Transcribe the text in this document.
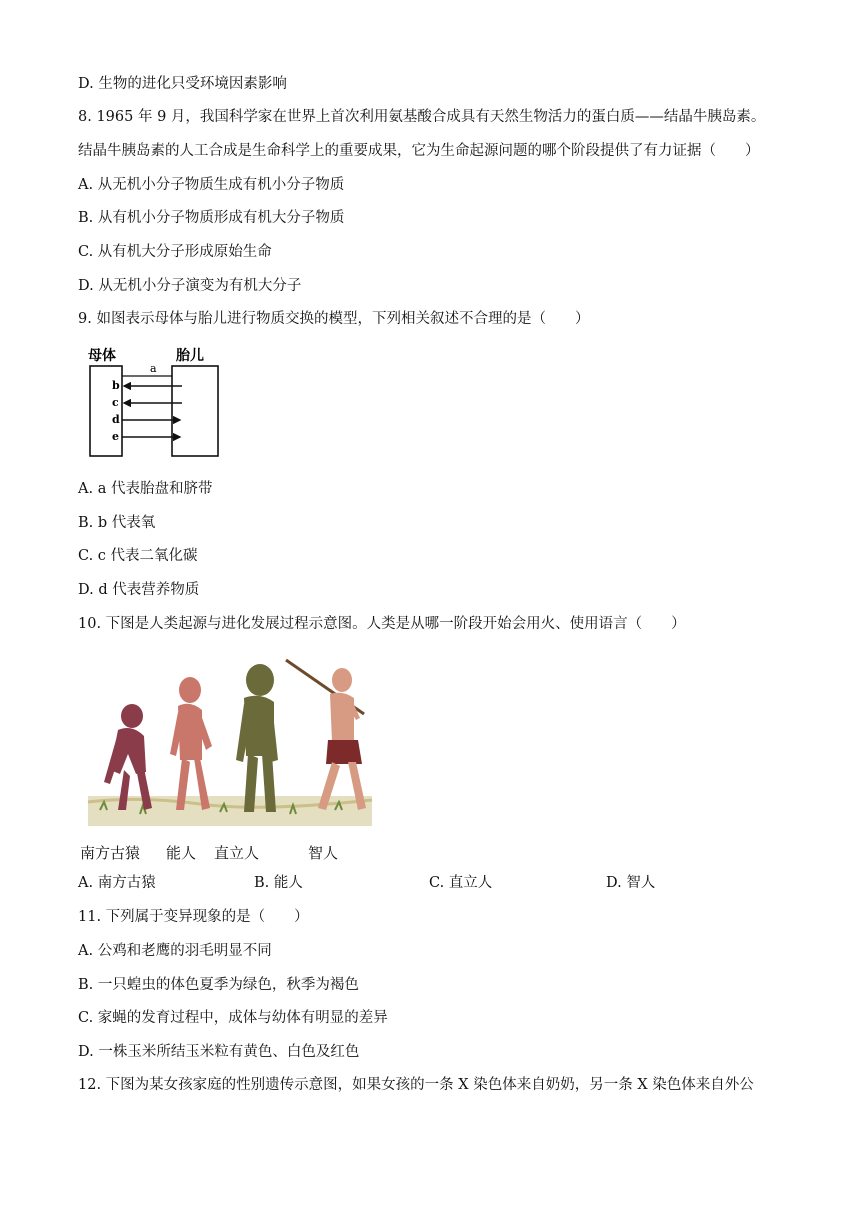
D. 生物的进化只受环境因素影响
8. 1965 年 9 月，我国科学家在世界上首次利用氨基酸合成具有天然生物活力的蛋白质——结晶牛胰岛素。
结晶牛胰岛素的人工合成是生命科学上的重要成果，它为生命起源问题的哪个阶段提供了有力证据（　　）
A. 从无机小分子物质生成有机小分子物质
B. 从有机小分子物质形成有机大分子物质
C. 从有机大分子形成原始生命
D. 从无机小分子演变为有机大分子
9. 如图表示母体与胎儿进行物质交换的模型，下列相关叙述不合理的是（　　）
母体	胎儿
a
b
c
d
e
A. a 代表胎盘和脐带
B. b 代表氧
C. c 代表二氧化碳
D. d 代表营养物质
10. 下图是人类起源与进化发展过程示意图。人类是从哪一阶段开始会用火、使用语言（　　）
南方古猿 能人 直立人	智人
A. 南方古猿	B. 能人	C. 直立人	D. 智人
11. 下列属于变异现象的是（　　）
A. 公鸡和老鹰的羽毛明显不同
B. 一只蝗虫的体色夏季为绿色，秋季为褐色
C. 家蝇的发育过程中，成体与幼体有明显的差异
D. 一株玉米所结玉米粒有黄色、白色及红色
12. 下图为某女孩家庭的性别遗传示意图，如果女孩的一条 X 染色体来自奶奶，另一条 X 染色体来自外公
